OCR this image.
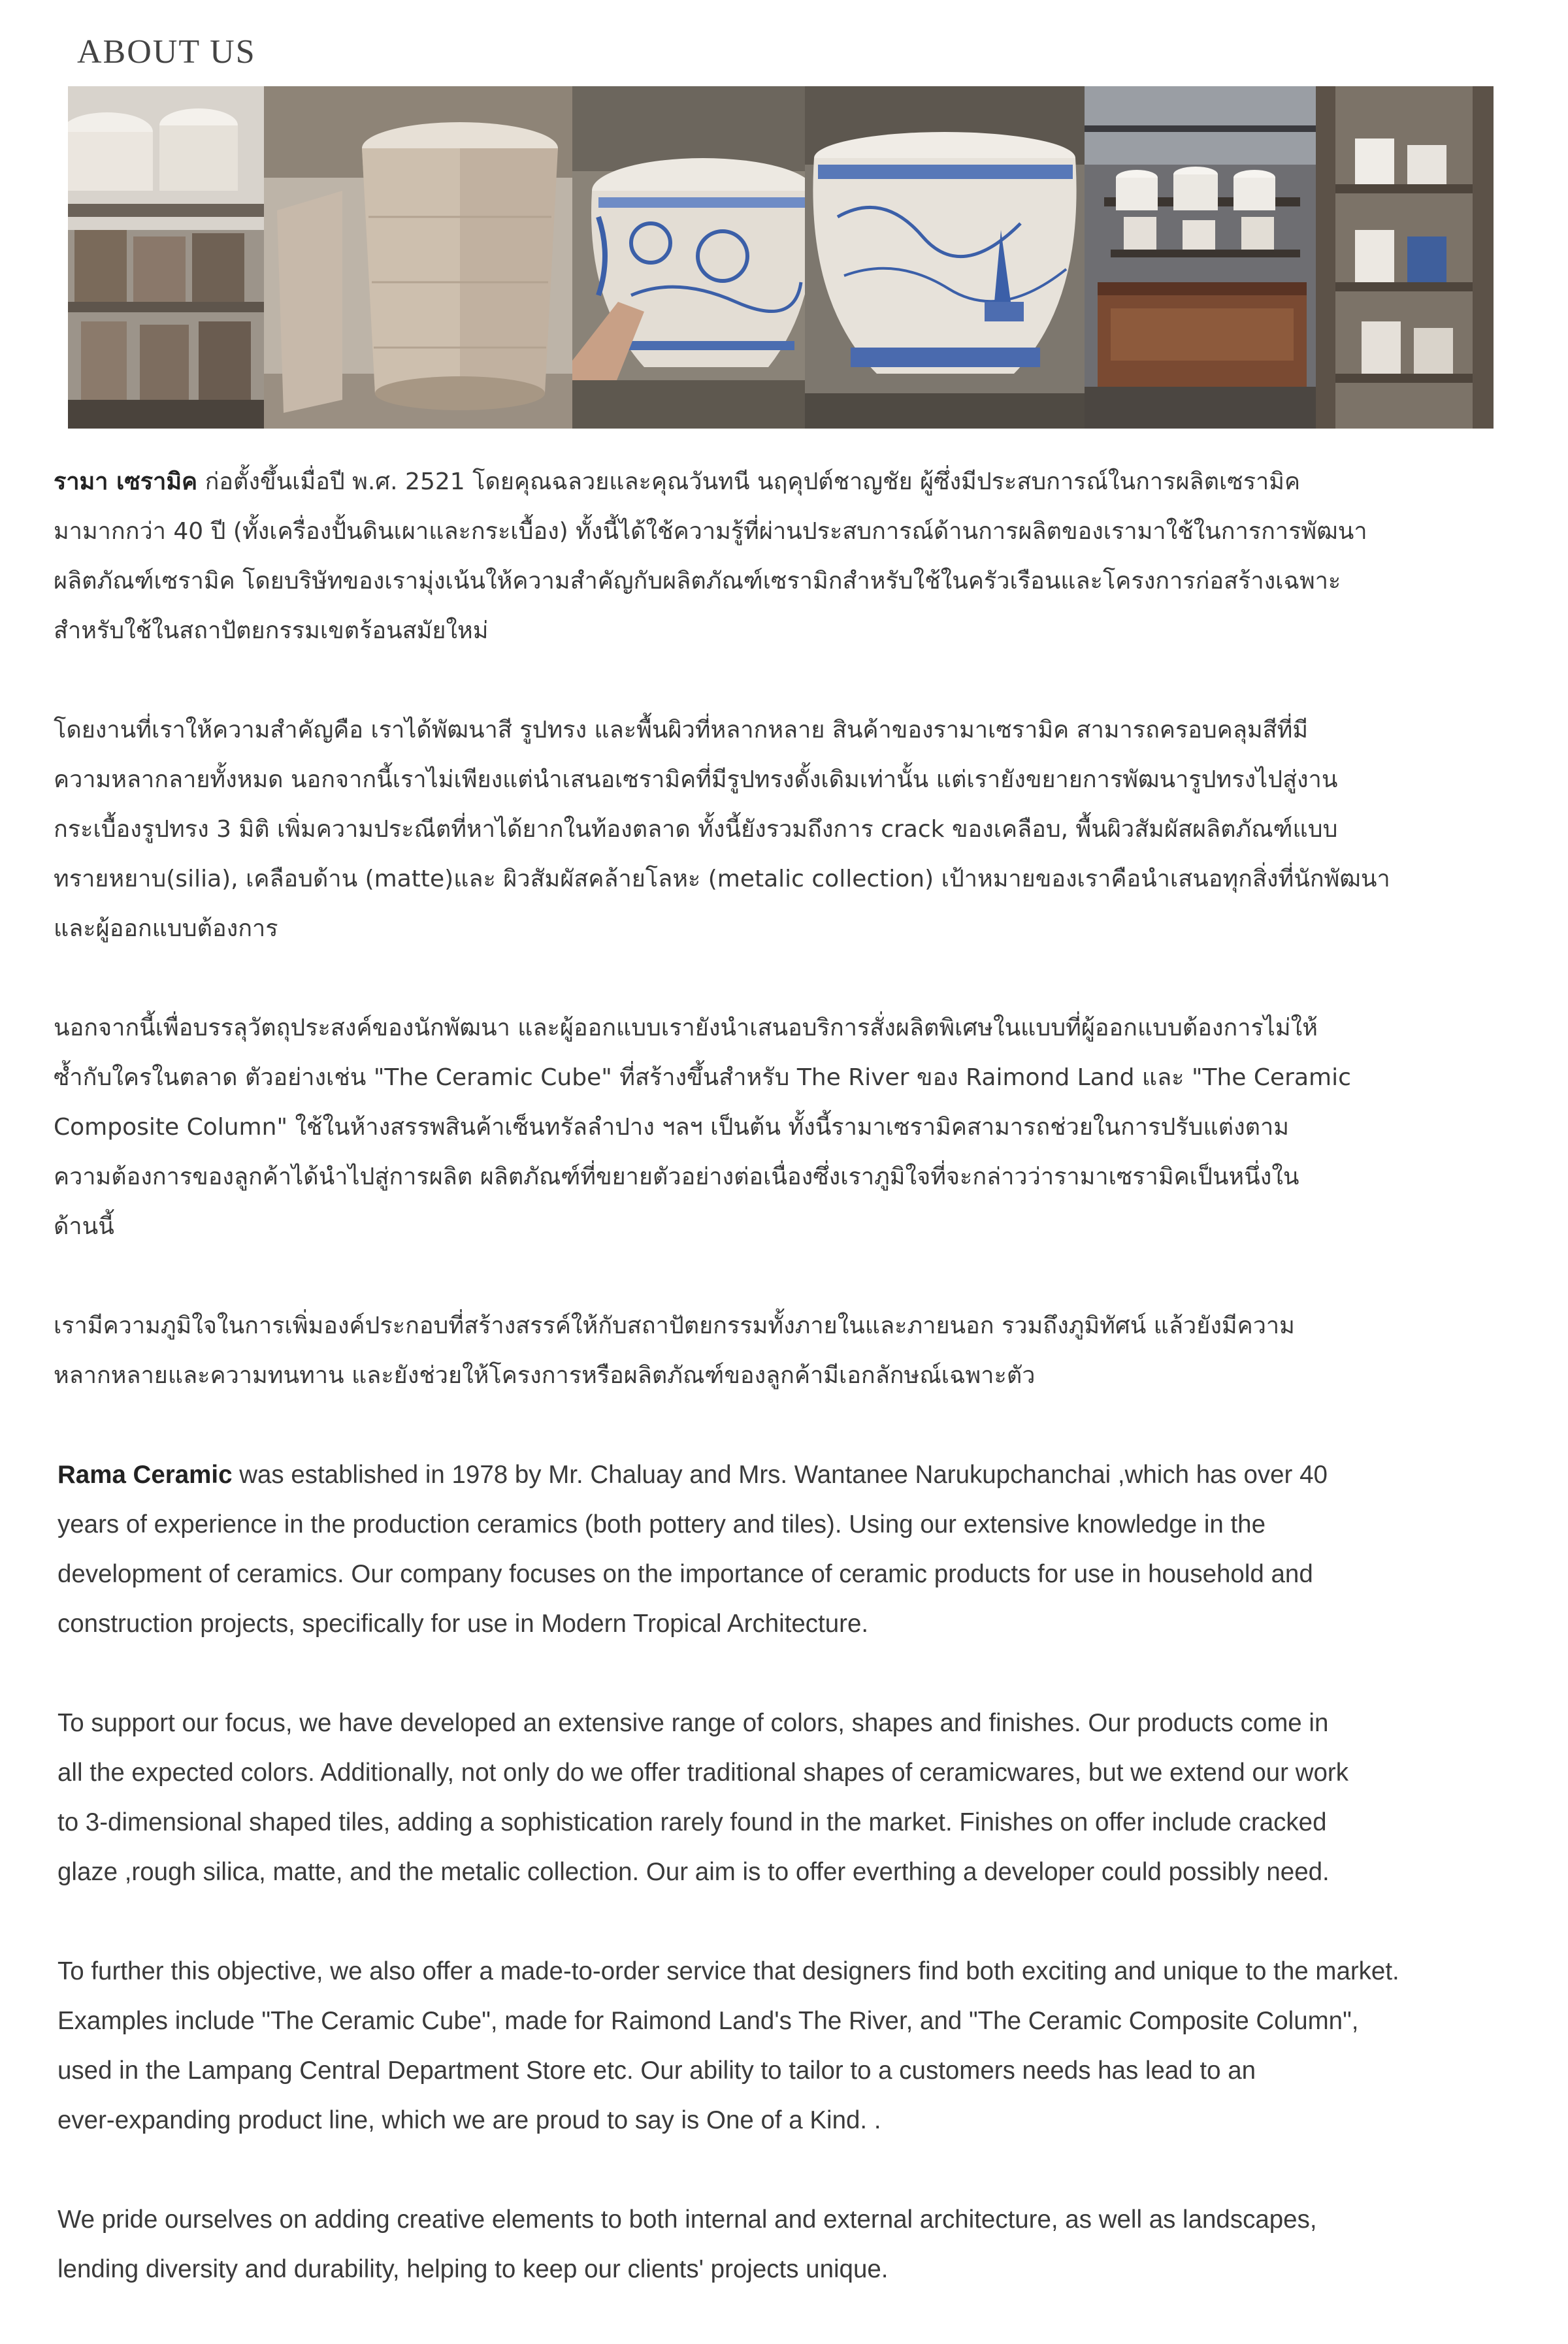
ABOUT US

รามา เซรามิค ก่อตั้งขึ้นเมื่อปี พ.ศ. 2521 โดยคุณฉลวยและคุณวันทนี นฤคุปต์ชาญชัย ผู้ซึ่งมีประสบการณ์ในการผลิตเซรามิค
มามากกว่า 40 ปี (ทั้งเครื่องปั้นดินเผาและกระเบื้อง) ทั้งนี้ได้ใช้ความรู้ที่ผ่านประสบการณ์ด้านการผลิตของเรามาใช้ในการการพัฒนา
ผลิตภัณฑ์เซรามิค โดยบริษัทของเรามุ่งเน้นให้ความสำคัญกับผลิตภัณฑ์เซรามิกสำหรับใช้ในครัวเรือนและโครงการก่อสร้างเฉพาะ
สำหรับใช้ในสถาปัตยกรรมเขตร้อนสมัยใหม่

โดยงานที่เราให้ความสำคัญคือ เราได้พัฒนาสี รูปทรง และพื้นผิวที่หลากหลาย สินค้าของรามาเซรามิค สามารถครอบคลุมสีที่มี
ความหลากลายทั้งหมด นอกจากนี้เราไม่เพียงแต่นำเสนอเซรามิคที่มีรูปทรงดั้งเดิมเท่านั้น แต่เรายังขยายการพัฒนารูปทรงไปสู่งาน
กระเบื้องรูปทรง 3 มิติ เพิ่มความประณีตที่หาได้ยากในท้องตลาด ทั้งนี้ยังรวมถึงการ crack ของเคลือบ, พื้นผิวสัมผัสผลิตภัณฑ์แบบ
ทรายหยาบ(silia), เคลือบด้าน (matte)และ ผิวสัมผัสคล้ายโลหะ (metalic collection) เป้าหมายของเราคือนำเสนอทุกสิ่งที่นักพัฒนา
และผู้ออกแบบต้องการ

นอกจากนี้เพื่อบรรลุวัตถุประสงค์ของนักพัฒนา และผู้ออกแบบเรายังนำเสนอบริการสั่งผลิตพิเศษในแบบที่ผู้ออกแบบต้องการไม่ให้
ซ้ำกับใครในตลาด ตัวอย่างเช่น "The Ceramic Cube" ที่สร้างขึ้นสำหรับ The River ของ Raimond Land และ "The Ceramic
Composite Column" ใช้ในห้างสรรพสินค้าเซ็นทรัลลำปาง ฯลฯ เป็นต้น ทั้งนี้รามาเซรามิคสามารถช่วยในการปรับแต่งตาม
ความต้องการของลูกค้าได้นำไปสู่การผลิต ผลิตภัณฑ์ที่ขยายตัวอย่างต่อเนื่องซึ่งเราภูมิใจที่จะกล่าวว่ารามาเซรามิคเป็นหนึ่งใน
ด้านนี้

เรามีความภูมิใจในการเพิ่มองค์ประกอบที่สร้างสรรค์ให้กับสถาปัตยกรรมทั้งภายในและภายนอก รวมถึงภูมิทัศน์ แล้วยังมีความ
หลากหลายและความทนทาน และยังช่วยให้โครงการหรือผลิตภัณฑ์ของลูกค้ามีเอกลักษณ์เฉพาะตัว

Rama Ceramic was established in 1978 by Mr. Chaluay and Mrs. Wantanee Narukupchanchai ,which has over 40
years of experience in the production ceramics (both pottery and tiles). Using our extensive knowledge in the
development of ceramics. Our company focuses on the importance of ceramic products for use in household and
construction projects, specifically for use in Modern Tropical Architecture.

To support our focus, we have developed an extensive range of colors, shapes and finishes. Our products come in
all the expected colors. Additionally, not only do we offer traditional shapes of ceramicwares, but we extend our work
to 3-dimensional shaped tiles, adding a sophistication rarely found in the market. Finishes on offer include cracked
glaze ,rough silica, matte, and the metalic collection. Our aim is to offer everthing a developer could possibly need.

To further this objective, we also offer a made-to-order service that designers find both exciting and unique to the market.
Examples include "The Ceramic Cube", made for Raimond Land's The River, and "The Ceramic Composite Column",
used in the Lampang Central Department Store etc. Our ability to tailor to a customers needs has lead to an
ever-expanding product line, which we are proud to say is One of a Kind. .

We pride ourselves on adding creative elements to both internal and external architecture, as well as landscapes,
lending diversity and durability, helping to keep our clients' projects unique.
